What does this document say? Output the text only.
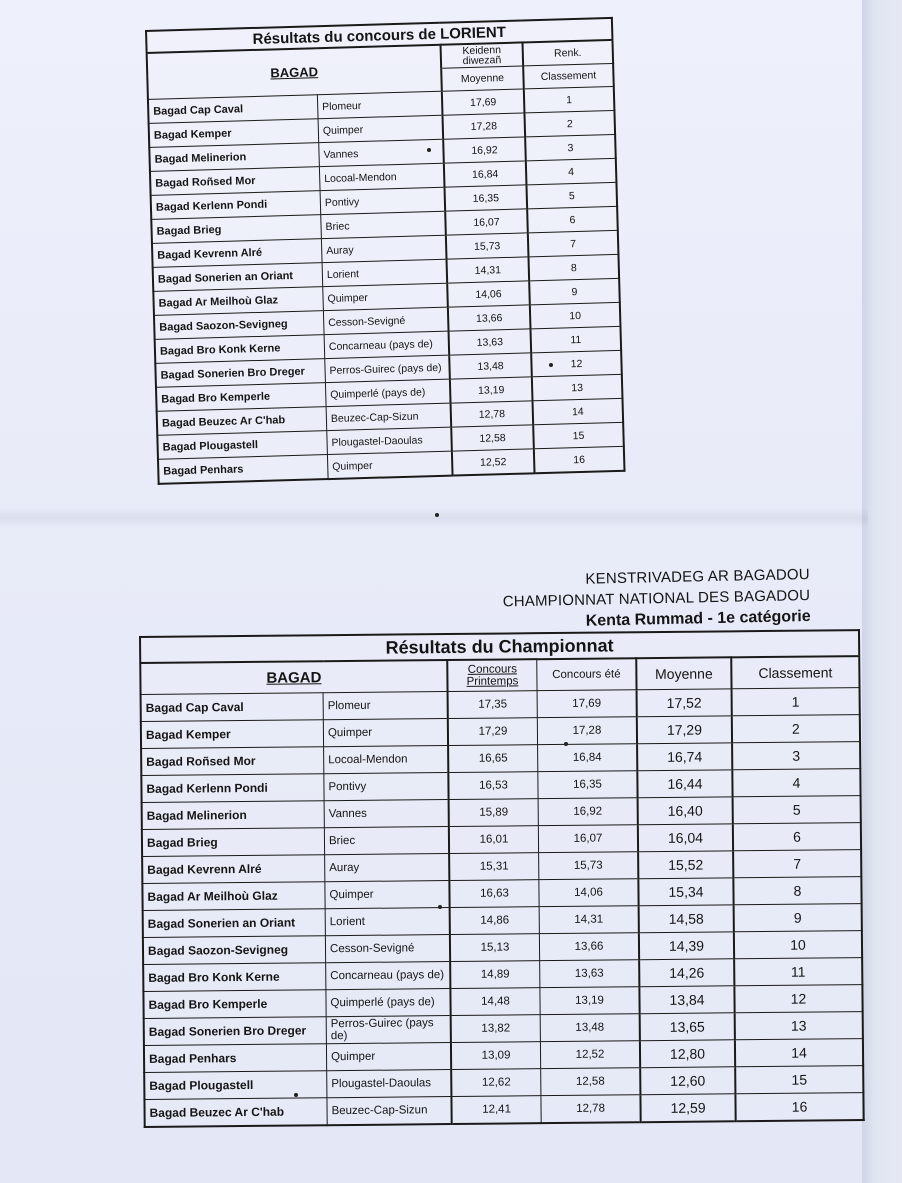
Résultats du concours de LORIENT			
BAGAD		Keidenn diwezañ	Renk.
		Moyenne	Classement
Bagad Cap Caval	Plomeur	17,69	1
Bagad Kemper	Quimper	17,28	2
Bagad Melinerion	Vannes	16,92	3
Bagad Roñsed Mor	Locoal-Mendon	16,84	4
Bagad Kerlenn Pondi	Pontivy	16,35	5
Bagad Brieg	Briec	16,07	6
Bagad Kevrenn Alré	Auray	15,73	7
Bagad Sonerien an Oriant	Lorient	14,31	8
Bagad Ar Meilhoù Glaz	Quimper	14,06	9
Bagad Saozon-Sevigneg	Cesson-Sevigné	13,66	10
Bagad Bro Konk Kerne	Concarneau (pays de)	13,63	11
Bagad Sonerien Bro Dreger	Perros-Guirec (pays de)	13,48	12
Bagad Bro Kemperle	Quimperlé (pays de)	13,19	13
Bagad Beuzec Ar C'hab	Beuzec-Cap-Sizun	12,78	14
Bagad Plougastell	Plougastel-Daoulas	12,58	15
Bagad Penhars	Quimper	12,52	16
KENSTRIVADEG AR BAGADOU
CHAMPIONNAT NATIONAL DES BAGADOU
Kenta Rummad - 1e catégorie
Résultats du Championnat					
BAGAD		Concours Printemps	Concours été	Moyenne	Classement
Bagad Cap Caval	Plomeur	17,35	17,69	17,52	1
Bagad Kemper	Quimper	17,29	17,28	17,29	2
Bagad Roñsed Mor	Locoal-Mendon	16,65	16,84	16,74	3
Bagad Kerlenn Pondi	Pontivy	16,53	16,35	16,44	4
Bagad Melinerion	Vannes	15,89	16,92	16,40	5
Bagad Brieg	Briec	16,01	16,07	16,04	6
Bagad Kevrenn Alré	Auray	15,31	15,73	15,52	7
Bagad Ar Meilhoù Glaz	Quimper	16,63	14,06	15,34	8
Bagad Sonerien an Oriant	Lorient	14,86	14,31	14,58	9
Bagad Saozon-Sevigneg	Cesson-Sevigné	15,13	13,66	14,39	10
Bagad Bro Konk Kerne	Concarneau (pays de)	14,89	13,63	14,26	11
Bagad Bro Kemperle	Quimperlé (pays de)	14,48	13,19	13,84	12
Bagad Sonerien Bro Dreger	Perros-Guirec (pays de)	13,82	13,48	13,65	13
Bagad Penhars	Quimper	13,09	12,52	12,80	14
Bagad Plougastell	Plougastel-Daoulas	12,62	12,58	12,60	15
Bagad Beuzec Ar C'hab	Beuzec-Cap-Sizun	12,41	12,78	12,59	16
